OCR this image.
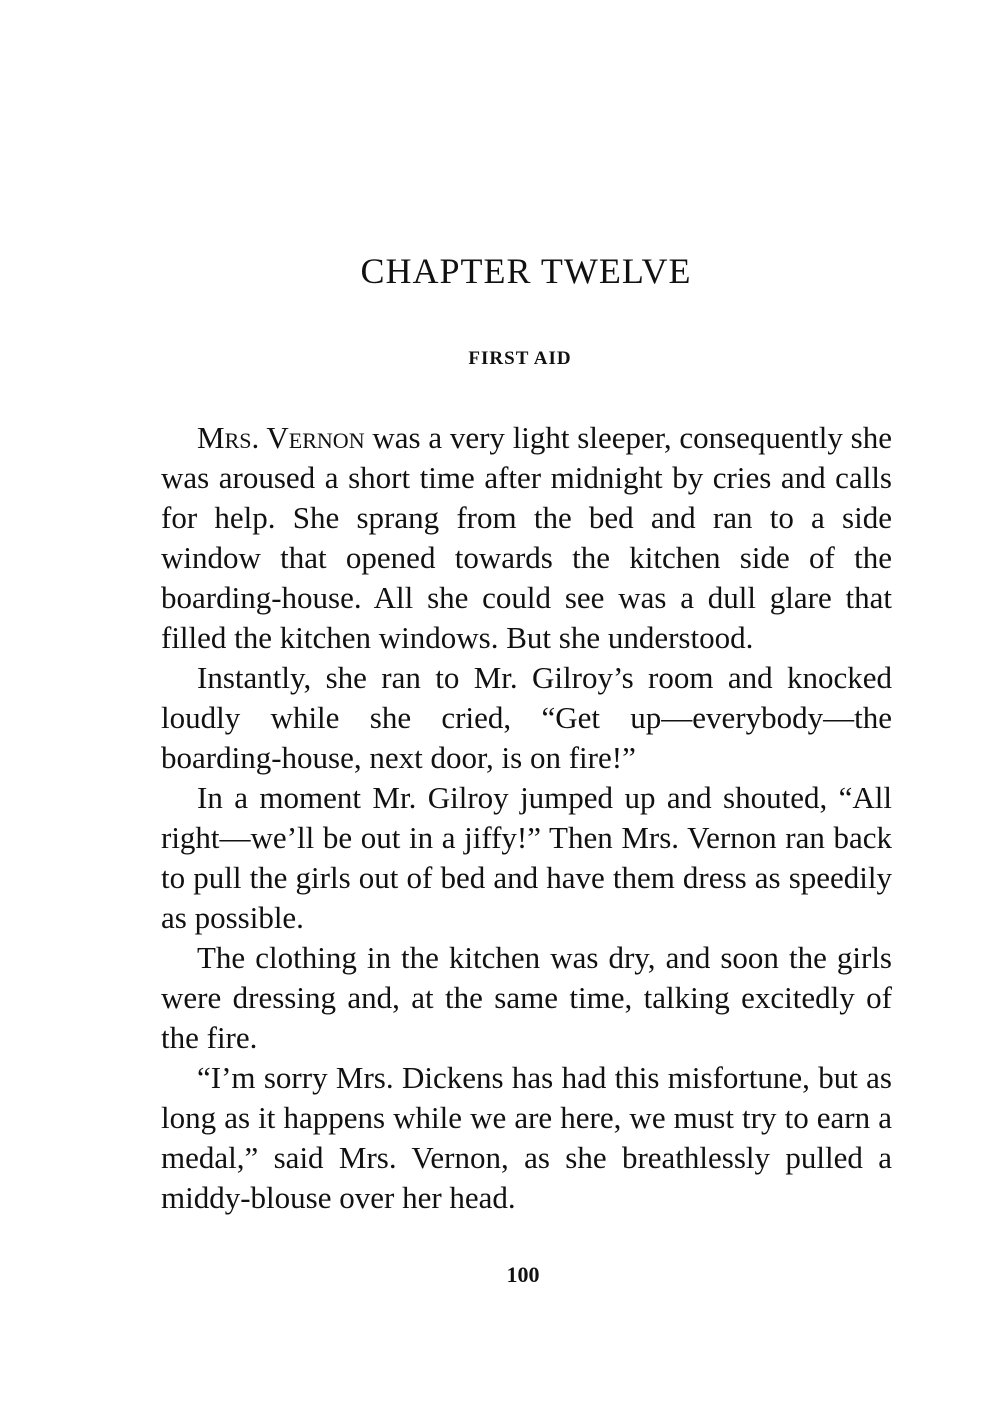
CHAPTER TWELVE
FIRST AID

Mrs. Vernon was a very light sleeper, consequently she was aroused a short time after midnight by cries and calls for help. She sprang from the bed and ran to a side window that opened towards the kitchen side of the boarding-house. All she could see was a dull glare that filled the kitchen windows. But she understood.

Instantly, she ran to Mr. Gilroy’s room and knocked loudly while she cried, “Get up—everybody—the boarding-house, next door, is on fire!”

In a moment Mr. Gilroy jumped up and shouted, “All right—we’ll be out in a jiffy!” Then Mrs. Vernon ran back to pull the girls out of bed and have them dress as speedily as possible.

The clothing in the kitchen was dry, and soon the girls were dressing and, at the same time, talking excitedly of the fire.

“I’m sorry Mrs. Dickens has had this misfortune, but as long as it happens while we are here, we must try to earn a medal,” said Mrs. Vernon, as she breathlessly pulled a middy-blouse over her head.

100
